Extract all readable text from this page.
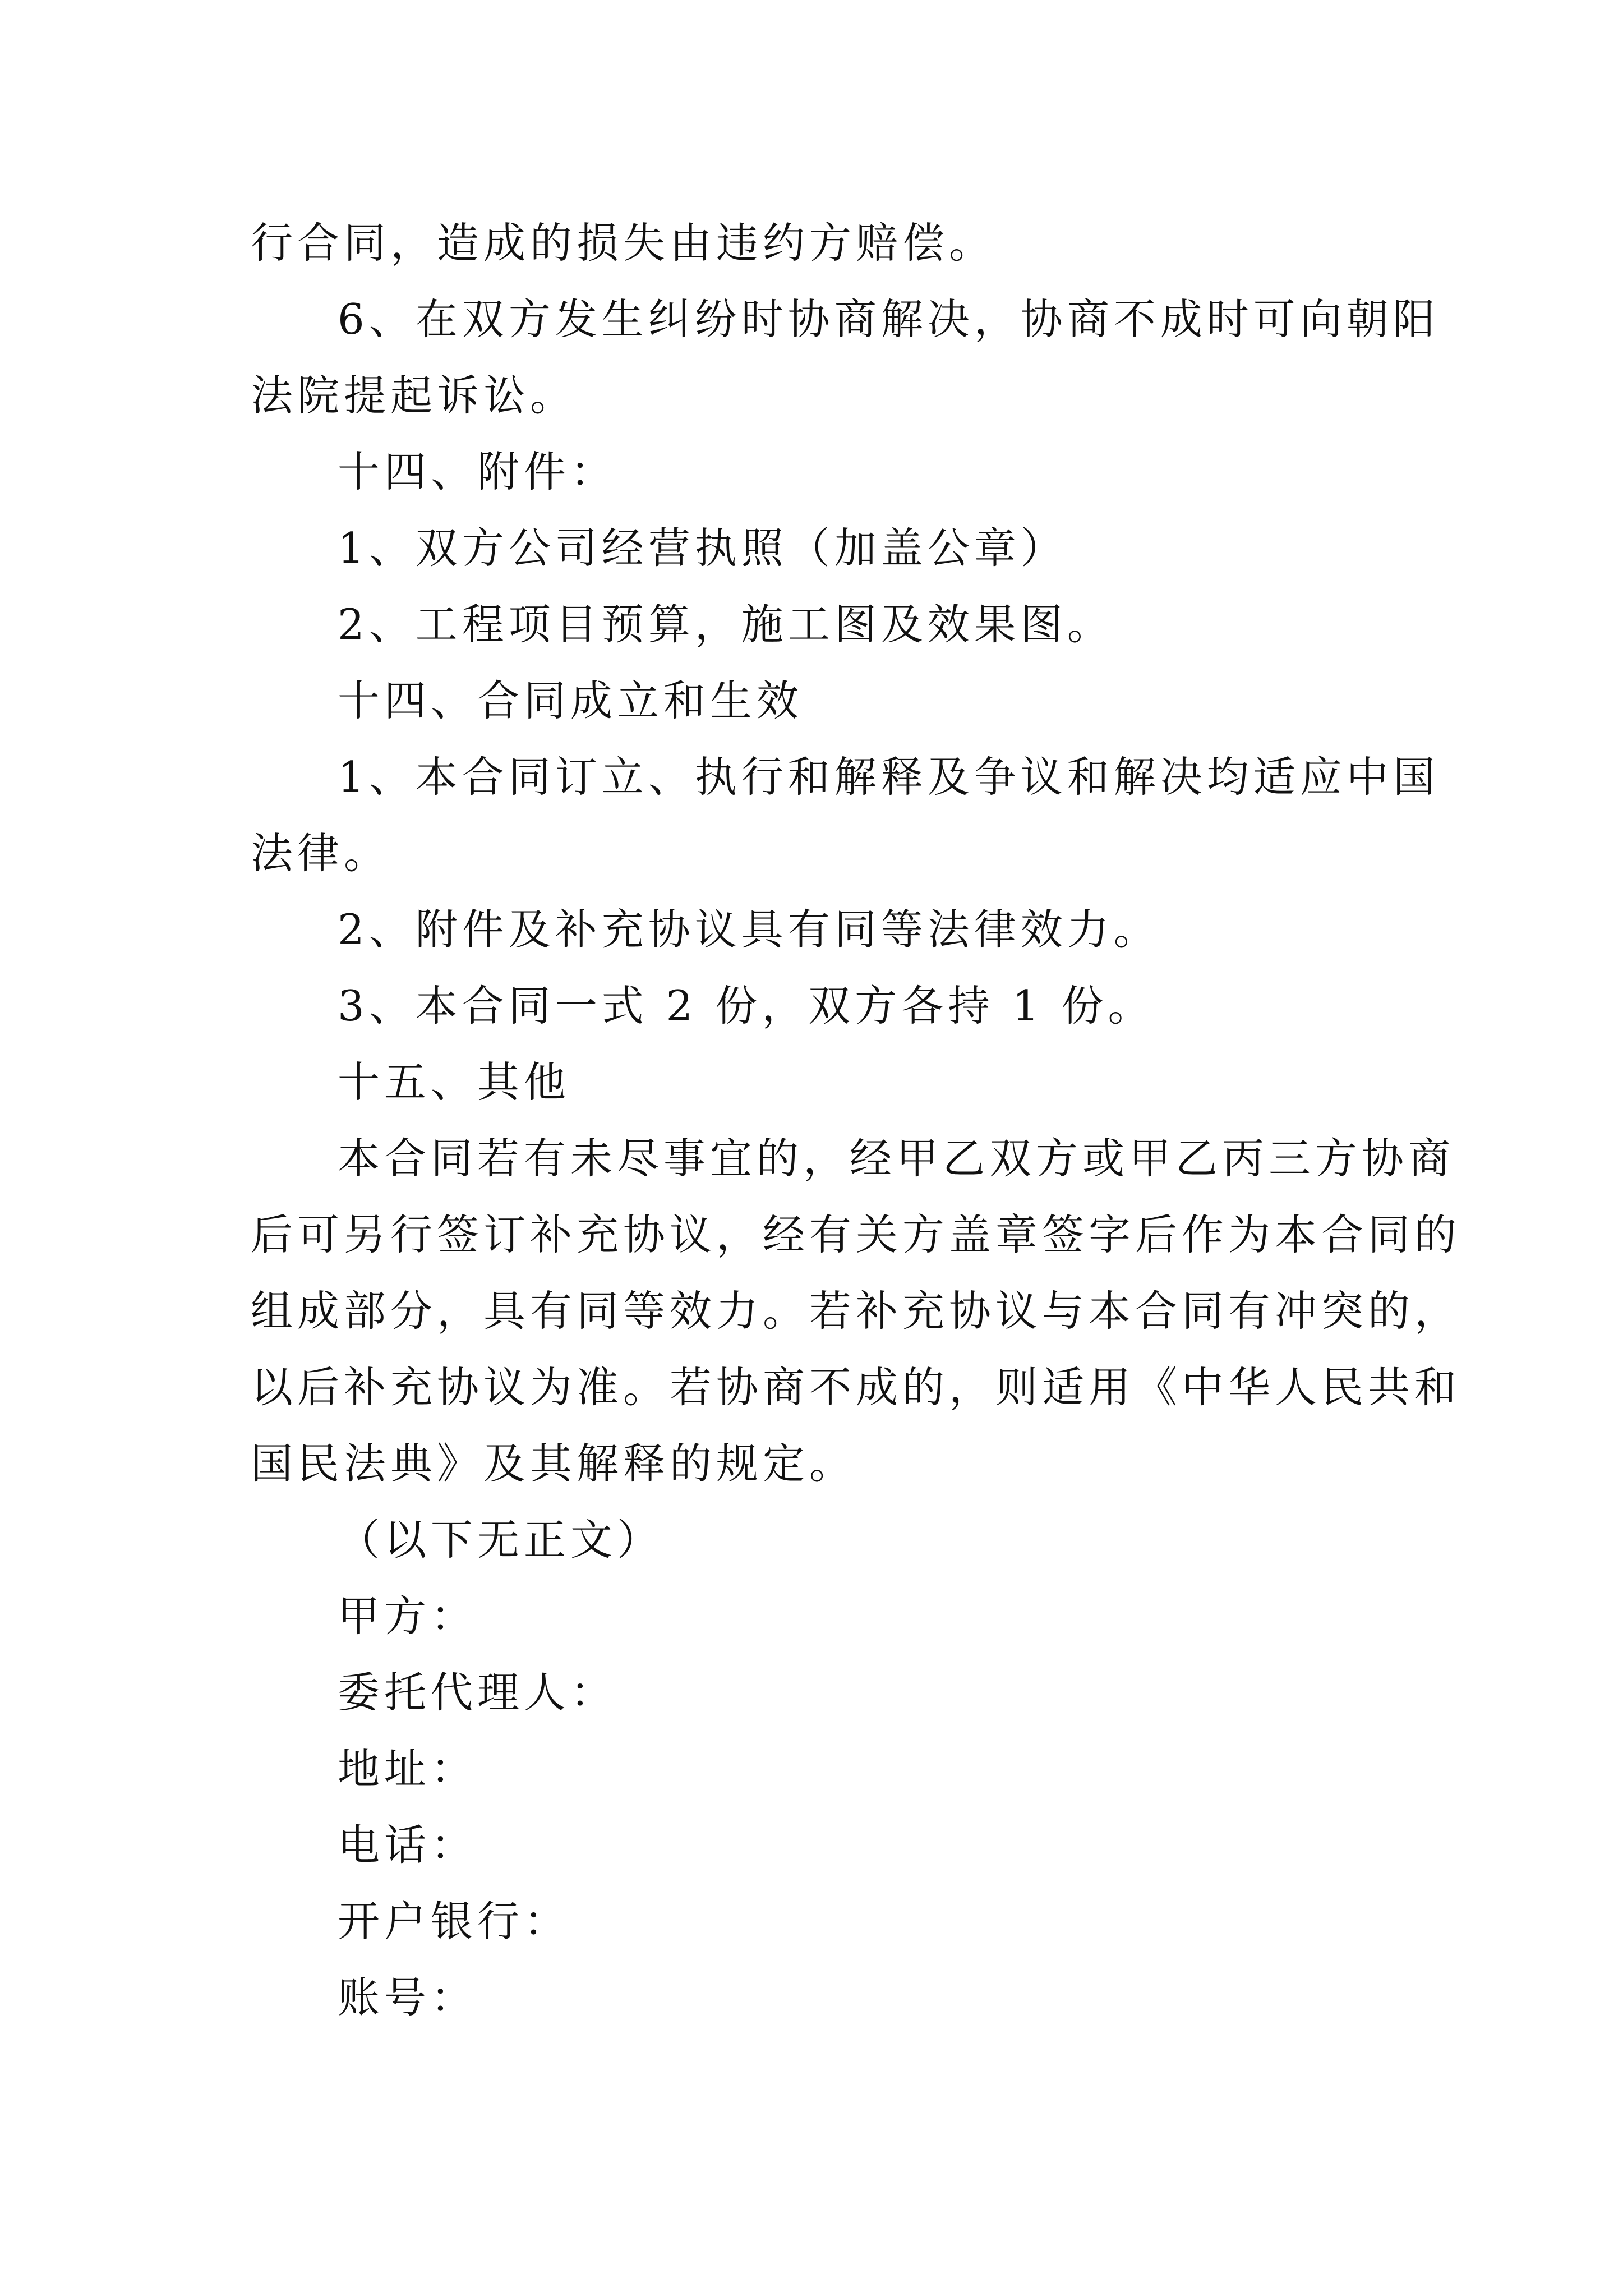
行合同，造成的损失由违约方赔偿。
6、在双方发生纠纷时协商解决，协商不成时可向朝阳
法院提起诉讼。
十四、附件：
1、双方公司经营执照（加盖公章）
2、工程项目预算，施工图及效果图。
十四、合同成立和生效
1、本合同订立、执行和解释及争议和解决均适应中国
法律。
2、附件及补充协议具有同等法律效力。
3、本合同一式 2 份，双方各持 1 份。
十五、其他
本合同若有未尽事宜的，经甲乙双方或甲乙丙三方协商
后可另行签订补充协议，经有关方盖章签字后作为本合同的
组成部分，具有同等效力。若补充协议与本合同有冲突的，
以后补充协议为准。若协商不成的，则适用《中华人民共和
国民法典》及其解释的规定。
（以下无正文）
甲方：
委托代理人：
地址：
电话：
开户银行：
账号：
